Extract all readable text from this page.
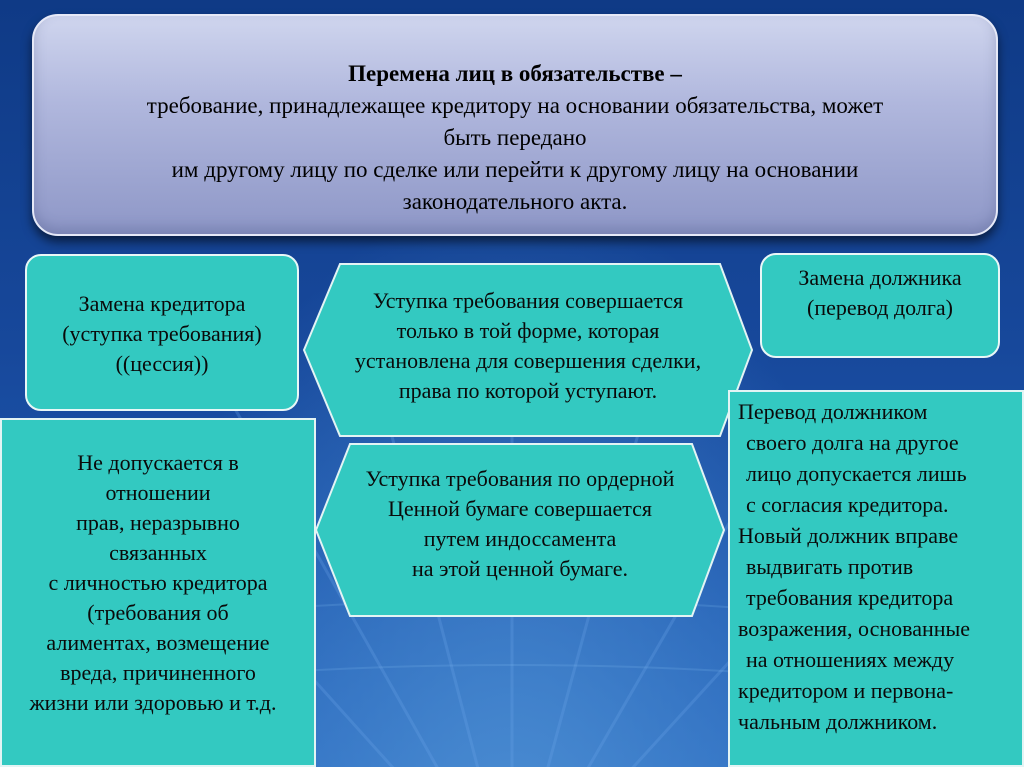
Перемена лиц в обязательстве –
требование, принадлежащее кредитору на основании обязательства, может
быть передано
им другому лицу по сделке или перейти к другому лицу на основании
законодательного акта.
Замена кредитора
(уступка требования)
((цессия))
Не допускается в
отношении
прав, неразрывно
связанных
с личностью кредитора
(требования об
алиментах, возмещение
вреда, причиненного
жизни или здоровью и т.д.
Уступка требования совершается
только в той форме, которая
установлена для совершения сделки,
права по которой уступают.
Уступка требования по ордерной
Ценной бумаге совершается
путем индоссамента
на этой ценной бумаге.
Замена должника
(перевод долга)
Перевод должником
своего долга на другое
лицо допускается лишь
с согласия кредитора.
Новый должник вправе
выдвигать против
требования кредитора
возражения, основанные
на отношениях между
кредитором и первона-
чальным должником.
